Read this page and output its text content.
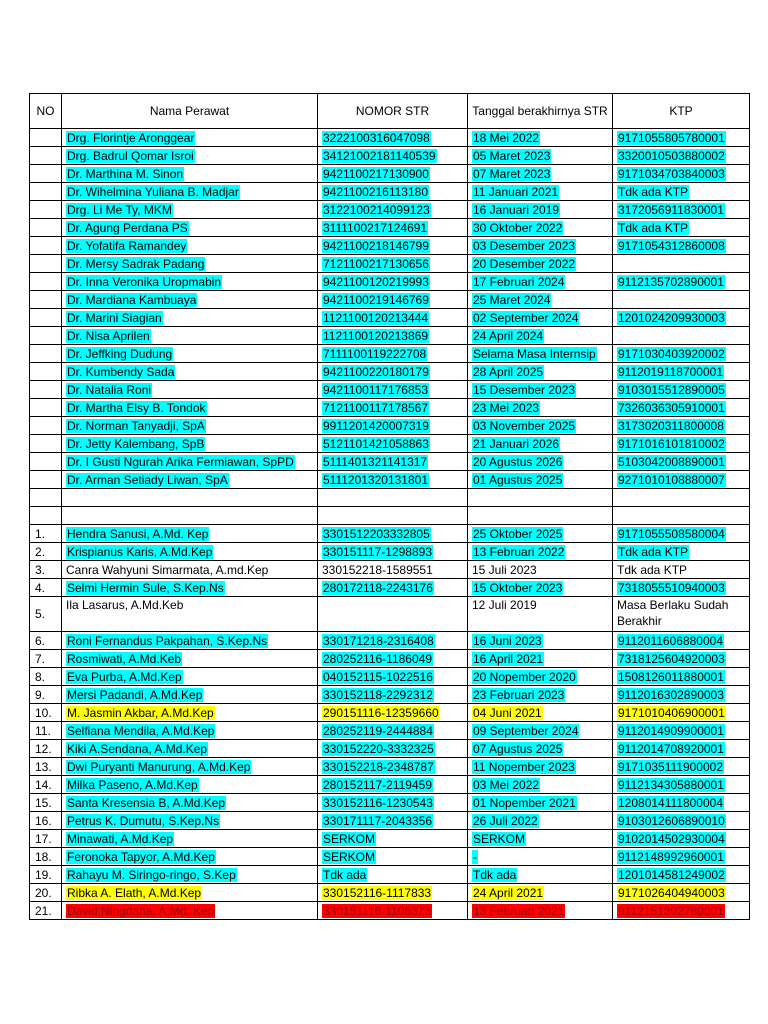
NO	Nama Perawat	NOMOR STR	Tanggal berakhirnya STR	KTP
	Drg. Florintje Aronggear	3222100316047098	18 Mei 2022	9171055805780001
	Drg. Badrul Qomar Isroi	34121002181140539	05 Maret 2023	3320010503880002
	Dr. Marthina M. Sinon	9421100217130900	07 Maret 2023	9171034703840003
	Dr. Wihelmina Yuliana B. Madjar	9421100216113180	11 Januari 2021	Tdk ada KTP
	Drg. Li Me Ty, MKM	3122100214099123	16 Januari 2019	3172056911830001
	Dr. Agung Perdana PS	3111100217124691	30 Oktober 2022	Tdk ada KTP
	Dr. Yofatifa Ramandey	9421100218146799	03 Desember 2023	9171054312860008
	Dr. Mersy Sadrak Padang	7121100217130656	20 Desember 2022	
	Dr. Inna Veronika Uropmabin	9421100120219993	17 Februari 2024	9112135702890001
	Dr. Mardiana Kambuaya	9421100219146769	25 Maret 2024	
	Dr. Marini Siagian	1121100120213444	02 September 2024	1201024209930003
	Dr. Nisa Aprilen	1121100120213869	24 April 2024	
	Dr. Jeffking Dudung	7111100119222708	Selama Masa Internsip	9171030403920002
	Dr. Kumbendy Sada	9421100220180179	28 April 2025	9112019118700001
	Dr. Natalia Roni	9421100117176853	15 Desember 2023	9103015512890005
	Dr. Martha Elsy B. Tondok	7121100117178567	23 Mei 2023	7326036305910001
	Dr. Norman Tanyadji, SpA	9911201420007319	03 November 2025	3173020311800008
	Dr. Jetty Kalembang, SpB	5121101421058863	21 Januari 2026	9171016101810002
	Dr. I Gusti Ngurah Arika Fermiawan, SpPD	5111401321141317	20 Agustus 2026	5103042008890001
	Dr. Arman Setiady Liwan, SpA	5111201320131801	01 Agustus 2025	9271010108880007

1.	Hendra Sanusi, A.Md. Kep	3301512203332805	25 Oktober 2025	9171055508580004
2.	Krispianus Karis, A.Md.Kep	330151117-1298893	13 Februari 2022	Tdk ada KTP
3.	Canra Wahyuni Simarmata, A.md.Kep	330152218-1589551	15 Juli 2023	Tdk ada KTP
4.	Selmi Hermin Sule, S.Kep.Ns	280172118-2243176	15 Oktober 2023	7318055510940003
5.	Ila Lasarus, A.Md.Keb		12 Juli 2019	Masa Berlaku Sudah Berakhir
6.	Roni Fernandus Pakpahan, S.Kep.Ns	330171218-2316408	16 Juni 2023	9112011606880004
7.	Rosmiwati, A.Md.Keb	280252116-1186049	16 April 2021	7318125604920003
8.	Eva Purba, A.Md.Kep	040152115-1022516	20 Nopember 2020	1508126011880001
9.	Mersi Padandi, A.Md.Kep	330152118-2292312	23 Februari 2023	9112016302890003
10.	M. Jasmin Akbar, A.Md.Kep	290151116-12359660	04 Juni 2021	9171010406900001
11.	Selfiana Mendila, A.Md.Kep	280252119-2444884	09 September 2024	9112014909900001
12.	Kiki A.Sendana, A.Md.Kep	330152220-3332325	07 Agustus 2025	9112014708920001
13.	Dwi Puryanti Manurung, A.Md.Kep	330152218-2348787	11 Nopember 2023	9171035111900002
14.	Milka Paseno, A.Md.Kep	280152117-2119459	03 Mei 2022	9112134305880001
15.	Santa Kresensia B, A.Md.Kep	330152116-1230543	01 Nopember 2021	1208014111800004
16.	Petrus K. Dumutu, S.Kep.Ns	330171117-2043356	26 Juli 2022	9103012606890010
17.	Minawati, A.Md.Kep	SERKOM	SERKOM	9102014502930004
18.	Feronoka Tapyor, A.Md.Kep	SERKOM	-	9112148992960001
19.	Rahayu M. Siringo-ringo, S.Kep	Tdk ada	Tdk ada	1201014581249002
20.	Ribka A. Elath, A.Md.Kep	330152116-1117833	24 April 2021	9171026404940003
21.	David Ningdana, A,Md. Kep	330151116-1106373	13 Februari 2021	9112151302780001
